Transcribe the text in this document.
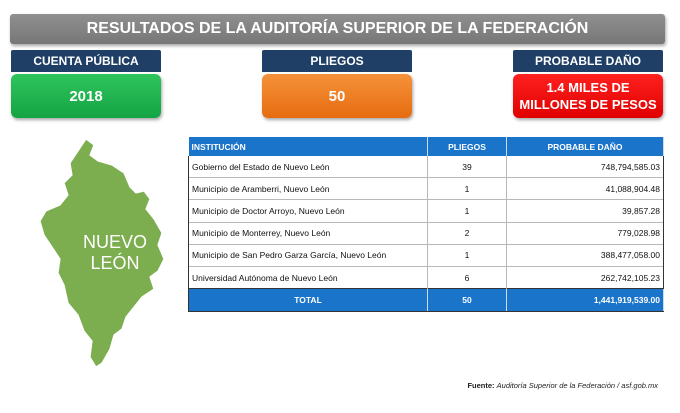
RESULTADOS DE LA AUDITORÍA SUPERIOR DE LA FEDERACIÓN
CUENTA PÚBLICA
2018
PLIEGOS
50
PROBABLE DAÑO
1.4 MILES DE MILLONES DE PESOS
NUEVO LEÓN
INSTITUCIÓN	PLIEGOS	PROBABLE DAÑO
Gobierno del Estado de Nuevo León	39	748,794,585.03
Municipio de Aramberri, Nuevo León	1	41,088,904.48
Municipio de Doctor Arroyo, Nuevo León	1	39,857.28
Municipio de Monterrey, Nuevo León	2	779,028.98
Municipio de San Pedro Garza García, Nuevo León	1	388,477,058.00
Universidad Autónoma de Nuevo León	6	262,742,105.23
TOTAL	50	1,441,919,539.00
Fuente: Auditoría Superior de la Federación / asf.gob.mx
